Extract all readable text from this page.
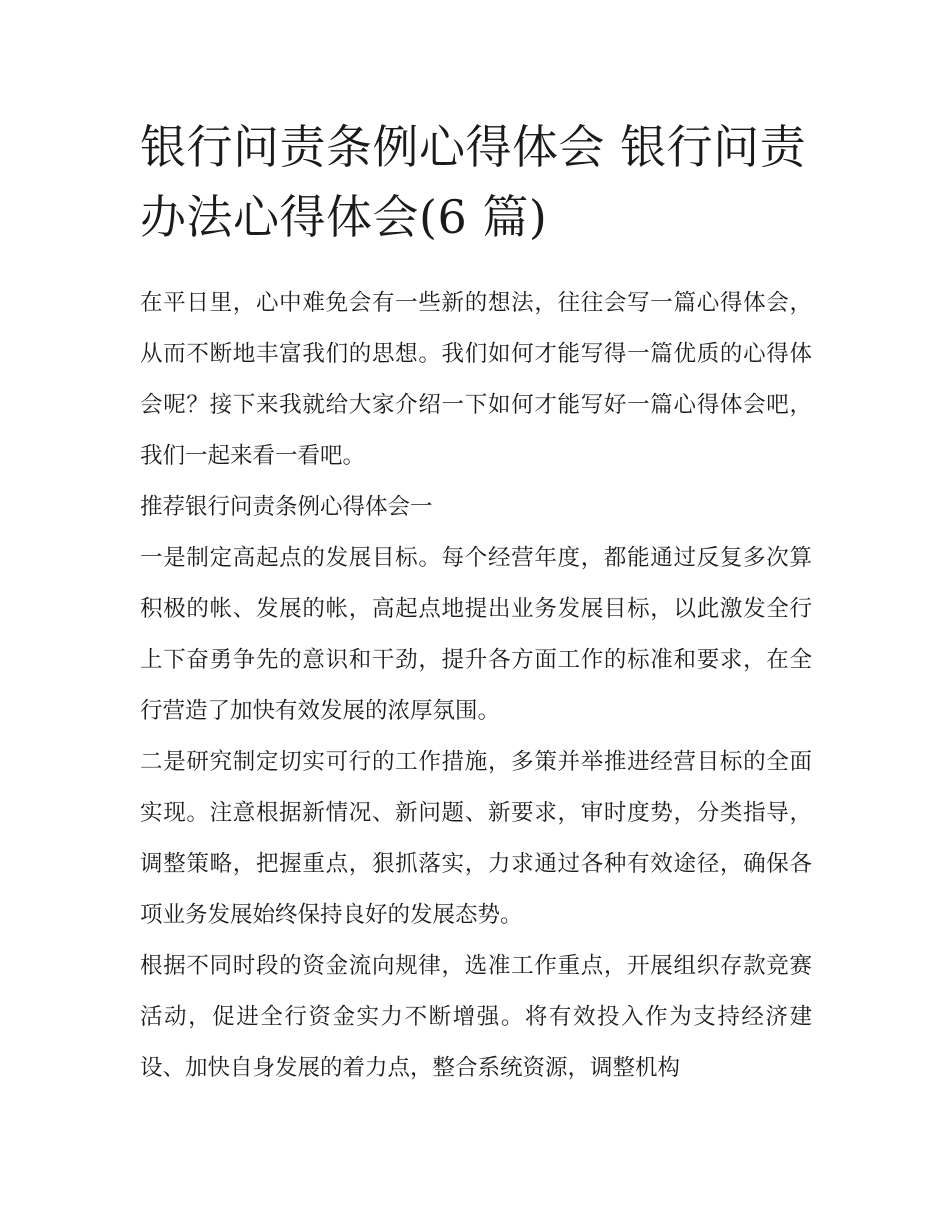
银行问责条例心得体会 银行问责办法心得体会(6 篇)

在平日里，心中难免会有一些新的想法，往往会写一篇心得体会，从而不断地丰富我们的思想。我们如何才能写得一篇优质的心得体会呢？接下来我就给大家介绍一下如何才能写好一篇心得体会吧，我们一起来看一看吧。

推荐银行问责条例心得体会一

一是制定高起点的发展目标。每个经营年度，都能通过反复多次算积极的帐、发展的帐，高起点地提出业务发展目标，以此激发全行上下奋勇争先的意识和干劲，提升各方面工作的标准和要求，在全行营造了加快有效发展的浓厚氛围。

二是研究制定切实可行的工作措施，多策并举推进经营目标的全面实现。注意根据新情况、新问题、新要求，审时度势，分类指导，调整策略，把握重点，狠抓落实，力求通过各种有效途径，确保各项业务发展始终保持良好的发展态势。

根据不同时段的资金流向规律，选准工作重点，开展组织存款竞赛活动，促进全行资金实力不断增强。将有效投入作为支持经济建设、加快自身发展的着力点，整合系统资源，调整机构
